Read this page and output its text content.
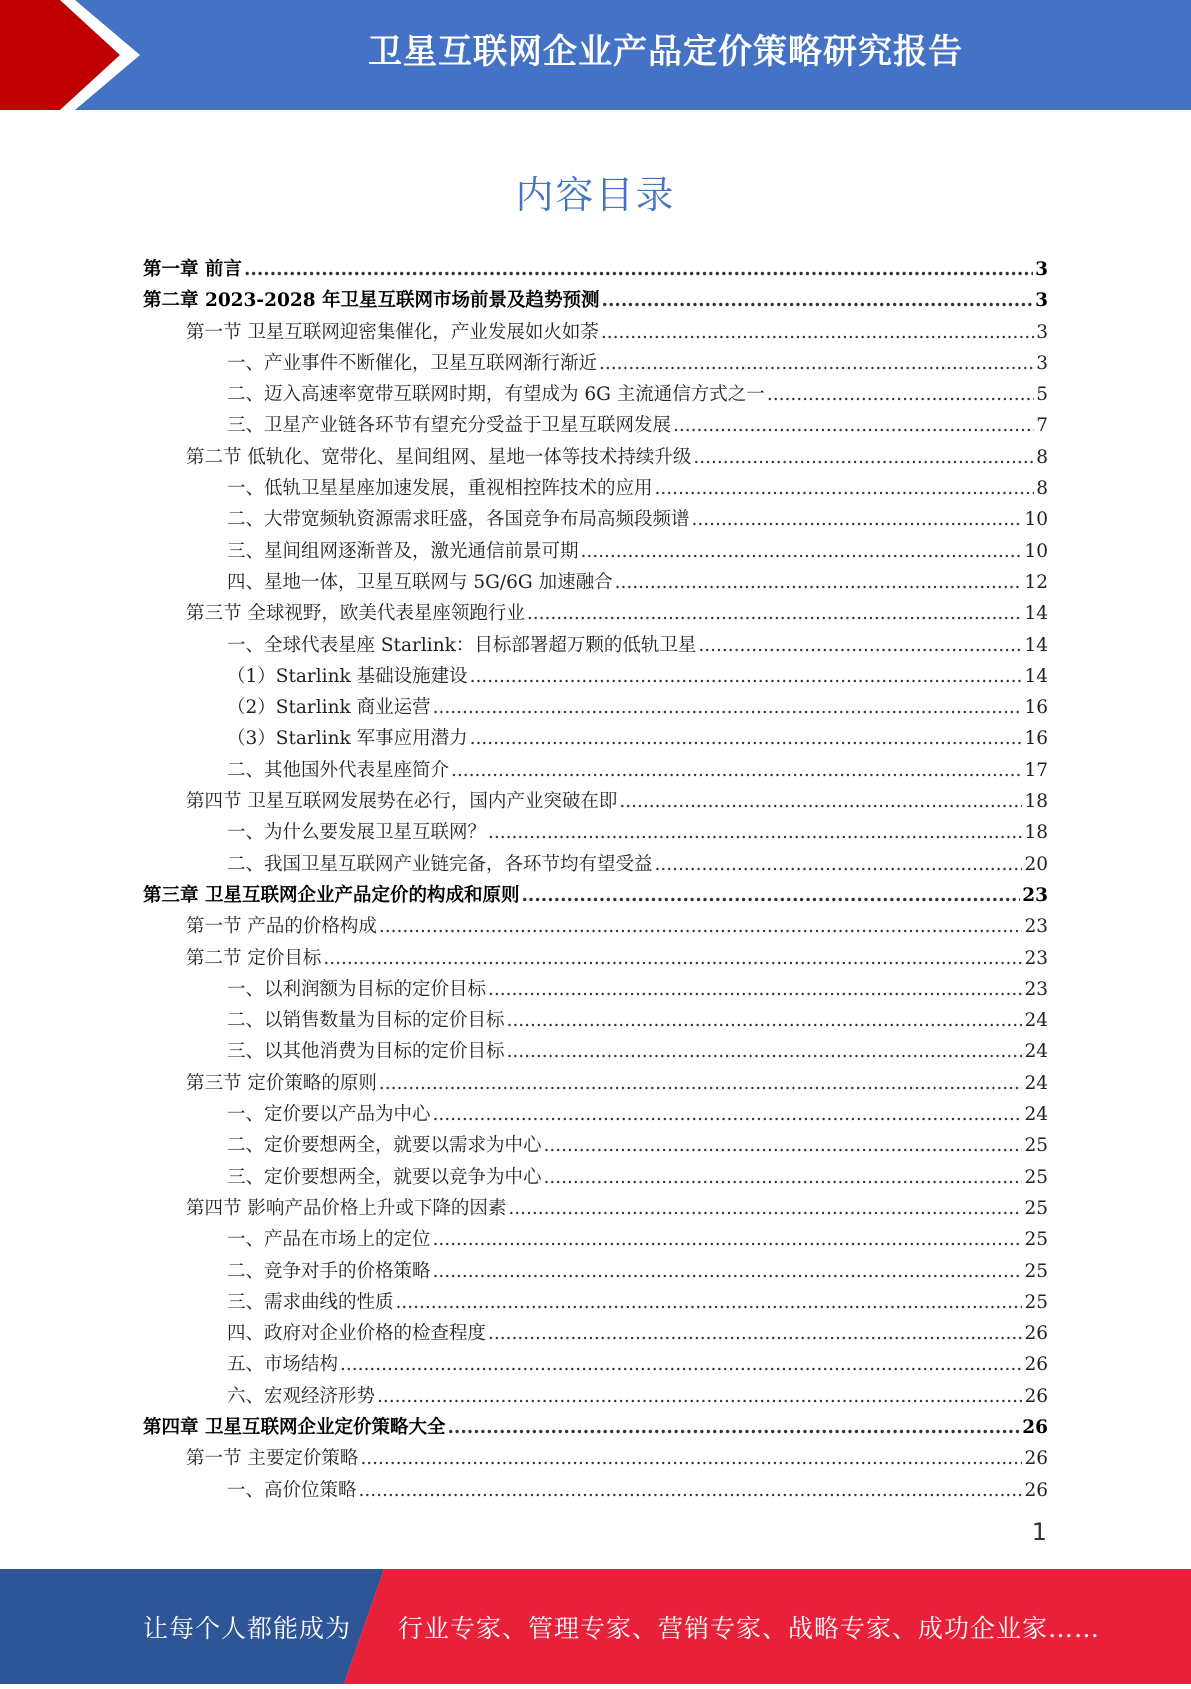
卫星互联网企业产品定价策略研究报告
内容目录
第一章 前言 .....	3
第二章 2023-2028 年卫星互联网市场前景及趋势预测 .....	3
第一节 卫星互联网迎密集催化，产业发展如火如荼 .....	3
一、产业事件不断催化，卫星互联网渐行渐近 .....	3
二、迈入高速率宽带互联网时期，有望成为 6G 主流通信方式之一 .....	5
三、卫星产业链各环节有望充分受益于卫星互联网发展 .....	7
第二节 低轨化、宽带化、星间组网、星地一体等技术持续升级 .....	8
一、低轨卫星星座加速发展，重视相控阵技术的应用 .....	8
二、大带宽频轨资源需求旺盛，各国竞争布局高频段频谱 .....	10
三、星间组网逐渐普及，激光通信前景可期 .....	10
四、星地一体，卫星互联网与 5G/6G 加速融合 .....	12
第三节 全球视野，欧美代表星座领跑行业 .....	14
一、全球代表星座 Starlink：目标部署超万颗的低轨卫星 .....	14
（1）Starlink 基础设施建设 .....	14
（2）Starlink 商业运营 .....	16
（3）Starlink 军事应用潜力 .....	16
二、其他国外代表星座简介 .....	17
第四节 卫星互联网发展势在必行，国内产业突破在即 .....	18
一、为什么要发展卫星互联网？ .....	18
二、我国卫星互联网产业链完备，各环节均有望受益 .....	20
第三章 卫星互联网企业产品定价的构成和原则 .....	23
第一节 产品的价格构成 .....	23
第二节 定价目标 .....	23
一、以利润额为目标的定价目标 .....	23
二、以销售数量为目标的定价目标 .....	24
三、以其他消费为目标的定价目标 .....	24
第三节 定价策略的原则 .....	24
一、定价要以产品为中心 .....	24
二、定价要想两全，就要以需求为中心 .....	25
三、定价要想两全，就要以竞争为中心 .....	25
第四节 影响产品价格上升或下降的因素 .....	25
一、产品在市场上的定位 .....	25
二、竞争对手的价格策略 .....	25
三、需求曲线的性质 .....	25
四、政府对企业价格的检查程度 .....	26
五、市场结构 .....	26
六、宏观经济形势 .....	26
第四章 卫星互联网企业定价策略大全 .....	26
第一节 主要定价策略 .....	26
一、高价位策略 .....	26
1
让每个人都能成为 行业专家、管理专家、营销专家、战略专家、成功企业家……
